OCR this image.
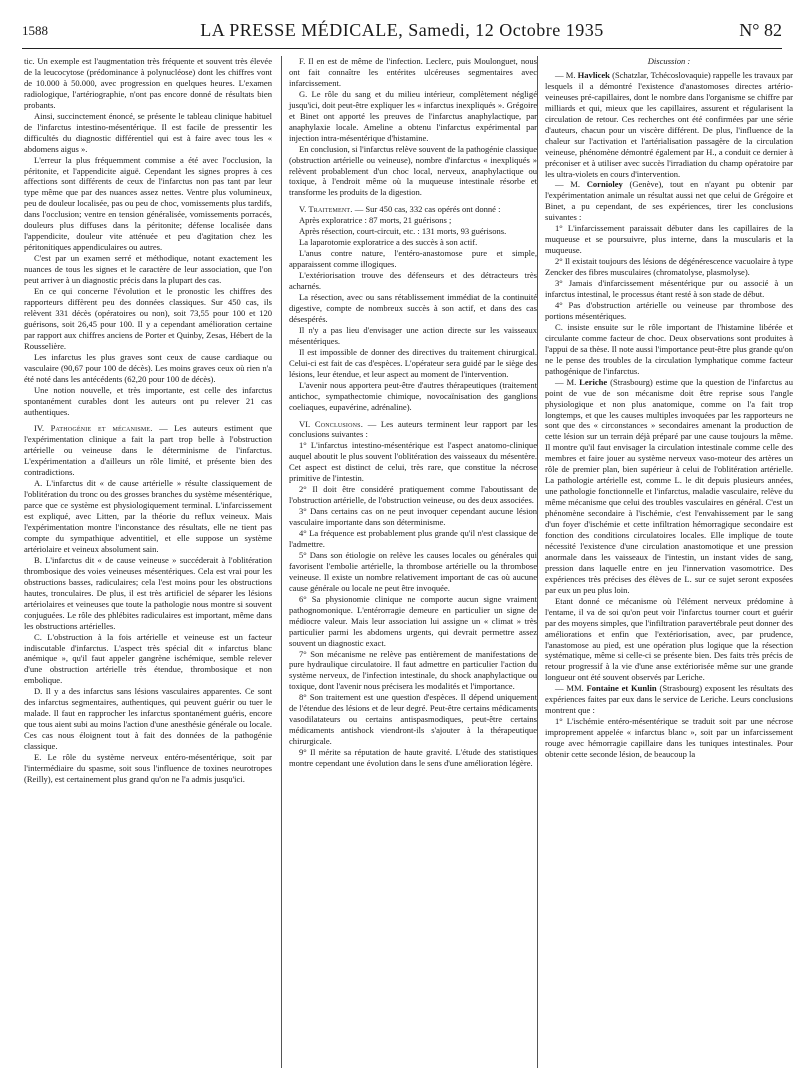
1588	LA PRESSE MÉDICALE, Samedi, 12 Octobre 1935	N° 82

tic. Un exemple est l'augmentation très fréquente et souvent très élevée de la leucocytose (prédominance à polynucléose) dont les chiffres vont de 10.000 à 50.000, avec progression en quelques heures. L'examen radiologique, l'artériographie, n'ont pas encore donné de résultats bien probants.

Ainsi, succinctement énoncé, se présente le tableau clinique habituel de l'infarctus intestino-mésentérique. Il est facile de pressentir les difficultés du diagnostic différentiel qui est à faire avec tous les « abdomens aigus ».

L'erreur la plus fréquemment commise a été avec l'occlusion, la péritonite, et l'appendicite aiguë. Cependant les signes propres à ces affections sont différents de ceux de l'infarctus non pas tant par leur type même que par des nuances assez nettes. Ventre plus volumineux, peu de douleur localisée, pas ou peu de choc, vomissements plus tardifs, dans l'occlusion; ventre en tension généralisée, vomissements porracés, douleurs plus diffuses dans la péritonite; défense localisée dans l'appendicite, douleur vite atténuée et peu d'agitation chez les péritonitiques appendiculaires ou autres.

C'est par un examen serré et méthodique, notant exactement les nuances de tous les signes et le caractère de leur association, que l'on peut arriver à un diagnostic précis dans la plupart des cas.

En ce qui concerne l'évolution et le pronostic les chiffres des rapporteurs diffèrent peu des données classiques. Sur 450 cas, ils relèvent 331 décès (opératoires ou non), soit 73,55 pour 100 et 120 guérisons, soit 26,45 pour 100. Il y a cependant amélioration certaine par rapport aux chiffres anciens de Porter et Quinby, Zesas, Hébert de la Rousselière.

Les infarctus les plus graves sont ceux de cause cardiaque ou vasculaire (90,67 pour 100 de décès). Les moins graves ceux où rien n'a été noté dans les antécédents (62,20 pour 100 de décès).

Une notion nouvelle, et très importante, est celle des infarctus spontanément curables dont les auteurs ont pu relever 21 cas authentiques.

IV. Pathogénie et mécanisme. — Les auteurs estiment que l'expérimentation clinique a fait la part trop belle à l'obstruction artérielle ou veineuse dans le déterminisme de l'infarctus. L'expérimentation a d'ailleurs un rôle limité, et présente bien des contradictions.

A. L'infarctus dit « de cause artérielle » résulte classiquement de l'oblitération du tronc ou des grosses branches du système mésentérique, parce que ce système est physiologiquement terminal. L'infarcissement est expliqué, avec Litten, par la théorie du reflux veineux. Mais l'expérimentation montre l'inconstance des résultats, elle ne tient pas compte du sympathique adventitiel, et elle suppose un système artériolaire et veineux absolument sain.

B. L'infarctus dit « de cause veineuse » succéderait à l'oblitération thrombosique des voies veineuses mésentériques. Cela est vrai pour les obstructions basses, radiculaires; cela l'est moins pour les obstructions hautes, tronculaires. De plus, il est très artificiel de séparer les lésions artériolaires et veineuses que toute la pathologie nous montre si souvent conjuguées. Le rôle des phlébites radiculaires est important, même dans les obstructions artérielles.

C. L'obstruction à la fois artérielle et veineuse est un facteur indiscutable d'infarctus. L'aspect très spécial dit « infarctus blanc anémique », qu'il faut appeler gangrène ischémique, semble relever d'une obstruction artérielle très étendue, thrombosique et non embolique.

D. Il y a des infarctus sans lésions vasculaires apparentes. Ce sont des infarctus segmentaires, authentiques, qui peuvent guérir ou tuer le malade. Il faut en rapprocher les infarctus spontanément guéris, encore que tous aient subi au moins l'action d'une anesthésie générale ou locale. Ces cas nous éloignent tout à fait des données de la pathogénie classique.

E. Le rôle du système nerveux entéro-mésentérique, soit par l'intermédiaire du spasme, soit sous l'influence de toxines neurotropes (Reilly), est certainement plus grand qu'on ne l'a admis jusqu'ici.

F. Il en est de même de l'infection. Leclerc, puis Moulonguet, nous ont fait connaître les entérites ulcéreuses segmentaires avec infarcissement.

G. Le rôle du sang et du milieu intérieur, complètement négligé jusqu'ici, doit peut-être expliquer les « infarctus inexpliqués ». Grégoire et Binet ont apporté les preuves de l'infarctus anaphylactique, par anaphylaxie locale. Ameline a obtenu l'infarctus expérimental par injection intra-mésentérique d'histamine.

En conclusion, si l'infarctus relève souvent de la pathogénie classique (obstruction artérielle ou veineuse), nombre d'infarctus « inexpliqués » relèvent probablement d'un choc local, nerveux, anaphylactique ou toxique, à l'endroit même où la muqueuse intestinale résorbe et transforme les produits de la digestion.

V. Traitement. — Sur 450 cas, 332 cas opérés ont donné :

Après exploratrice : 87 morts, 21 guérisons ;

Après résection, court-circuit, etc. : 131 morts, 93 guérisons.

La laparotomie exploratrice a des succès à son actif.

L'anus contre nature, l'entéro-anastomose pure et simple, apparaissent comme illogiques.

L'extériorisation trouve des défenseurs et des détracteurs très acharnés.

La résection, avec ou sans rétablissement immédiat de la continuité digestive, compte de nombreux succès à son actif, et dans des cas désespérés.

Il n'y a pas lieu d'envisager une action directe sur les vaisseaux mésentériques.

Il est impossible de donner des directives du traitement chirurgical. Celui-ci est fait de cas d'espèces. L'opérateur sera guidé par le siège des lésions, leur étendue, et leur aspect au moment de l'intervention.

L'avenir nous apportera peut-être d'autres thérapeutiques (traitement antichoc, sympathectomie chimique, novocaïnisation des ganglions coeliaques, eupavérine, adrénaline).

VI. Conclusions. — Les auteurs terminent leur rapport par les conclusions suivantes :

1° L'infarctus intestino-mésentérique est l'aspect anatomo-clinique auquel aboutit le plus souvent l'oblitération des vaisseaux du mésentère. Cet aspect est distinct de celui, très rare, que constitue la nécrose primitive de l'intestin.

2° Il doit être considéré pratiquement comme l'aboutissant de l'obstruction artérielle, de l'obstruction veineuse, ou des deux associées.

3° Dans certains cas on ne peut invoquer cependant aucune lésion vasculaire importante dans son déterminisme.

4° La fréquence est probablement plus grande qu'il n'est classique de l'admettre.

5° Dans son étiologie on relève les causes locales ou générales qui favorisent l'embolie artérielle, la thrombose artérielle ou la thrombose veineuse. Il existe un nombre relativement important de cas où aucune cause générale ou locale ne peut être invoquée.

6° Sa physionomie clinique ne comporte aucun signe vraiment pathognomonique. L'entérorragie demeure en particulier un signe de médiocre valeur. Mais leur association lui assigne un « climat » très particulier parmi les abdomens urgents, qui devrait permettre assez souvent un diagnostic exact.

7° Son mécanisme ne relève pas entièrement de manifestations de pure hydraulique circulatoire. Il faut admettre en particulier l'action du système nerveux, de l'infection intestinale, du shock anaphylactique ou toxique, dont l'avenir nous précisera les modalités et l'importance.

8° Son traitement est une question d'espèces. Il dépend uniquement de l'étendue des lésions et de leur degré. Peut-être certains médicaments vasodilatateurs ou certains antispasmodiques, peut-être certains médicaments antishock viendront-ils s'ajouter à la thérapeutique chirurgicale.

9° Il mérite sa réputation de haute gravité. L'étude des statistiques montre cependant une évolution dans le sens d'une amélioration légère.

Discussion :

— M. Havlicek (Schatzlar, Tchécoslovaquie) rappelle les travaux par lesquels il a démontré l'existence d'anastomoses directes artério-veineuses pré-capillaires, dont le nombre dans l'organisme se chiffre par milliards et qui, mieux que les capillaires, assurent et régularisent la circulation de retour. Ces recherches ont été confirmées par une série d'auteurs, chacun pour un viscère différent. De plus, l'influence de la chaleur sur l'activation et l'artérialisation passagère de la circulation veineuse, phénomène démontré également par H., a conduit ce dernier à préconiser et à utiliser avec succès l'irradiation du champ opératoire par les ultra-violets en cours d'intervention.

— M. Cornioley (Genève), tout en n'ayant pu obtenir par l'expérimentation animale un résultat aussi net que celui de Grégoire et Binet, a pu cependant, de ses expériences, tirer les conclusions suivantes :

1° L'infarcissement paraissait débuter dans les capillaires de la muqueuse et se poursuivre, plus interne, dans la muscularis et la muqueuse.

2° Il existait toujours des lésions de dégénérescence vacuolaire à type Zencker des fibres musculaires (chromatolyse, plasmolyse).

3° Jamais d'infarcissement mésentérique pur ou associé à un infarctus intestinal, le processus étant resté à son stade de début.

4° Pas d'obstruction artérielle ou veineuse par thrombose des portions mésentériques.

C. insiste ensuite sur le rôle important de l'histamine libérée et circulante comme facteur de choc. Deux observations sont produites à l'appui de sa thèse. Il note aussi l'importance peut-être plus grande qu'on ne le pense des troubles de la circulation lymphatique comme facteur pathogénique de l'infarctus.

— M. Leriche (Strasbourg) estime que la question de l'infarctus au point de vue de son mécanisme doit être reprise sous l'angle physiologique et non plus anatomique, comme on l'a fait trop longtemps, et que les causes multiples invoquées par les rapporteurs ne sont que des « circonstances » secondaires amenant la production de cette lésion sur un terrain déjà préparé par une cause toujours la même. Il montre qu'il faut envisager la circulation intestinale comme celle des membres et faire jouer au système nerveux vaso-moteur des artères un rôle de premier plan, bien supérieur à celui de l'oblitération artérielle. La pathologie artérielle est, comme L. le dit depuis plusieurs années, une pathologie fonctionnelle et l'infarctus, maladie vasculaire, relève du même mécanisme que celui des troubles vasculaires en général. C'est un phénomène secondaire à l'ischémie, c'est l'envahissement par le sang d'un foyer d'ischémie et cette infiltration hémorragique secondaire est fonction des conditions circulatoires locales. Elle implique de toute nécessité l'existence d'une circulation anastomotique et une pression anormale dans les vaisseaux de l'intestin, un instant vides de sang, pression dans laquelle entre en jeu l'innervation vasomotrice. Des expériences très précises des élèves de L. sur ce sujet seront exposées par eux un peu plus loin.

Etant donné ce mécanisme où l'élément nerveux prédomine à l'entame, il va de soi qu'on peut voir l'infarctus tourner court et guérir par des moyens simples, que l'infiltration paravertébrale peut donner des améliorations et enfin que l'extériorisation, avec, par prudence, l'anastomose au pied, est une opération plus logique que la résection systématique, même si celle-ci se présente bien. Des faits très précis de retour progressif à la vie d'une anse extériorisée même sur une grande longueur ont été souvent observés par Leriche.

— MM. Fontaine et Kunlin (Strasbourg) exposent les résultats des expériences faites par eux dans le service de Leriche. Leurs conclusions montrent que :

1° L'ischémie entéro-mésentérique se traduit soit par une nécrose improprement appelée « infarctus blanc », soit par un infarcissement rouge avec hémorragie capillaire dans les tuniques intestinales. Pour obtenir cette seconde lésion, de beaucoup la
